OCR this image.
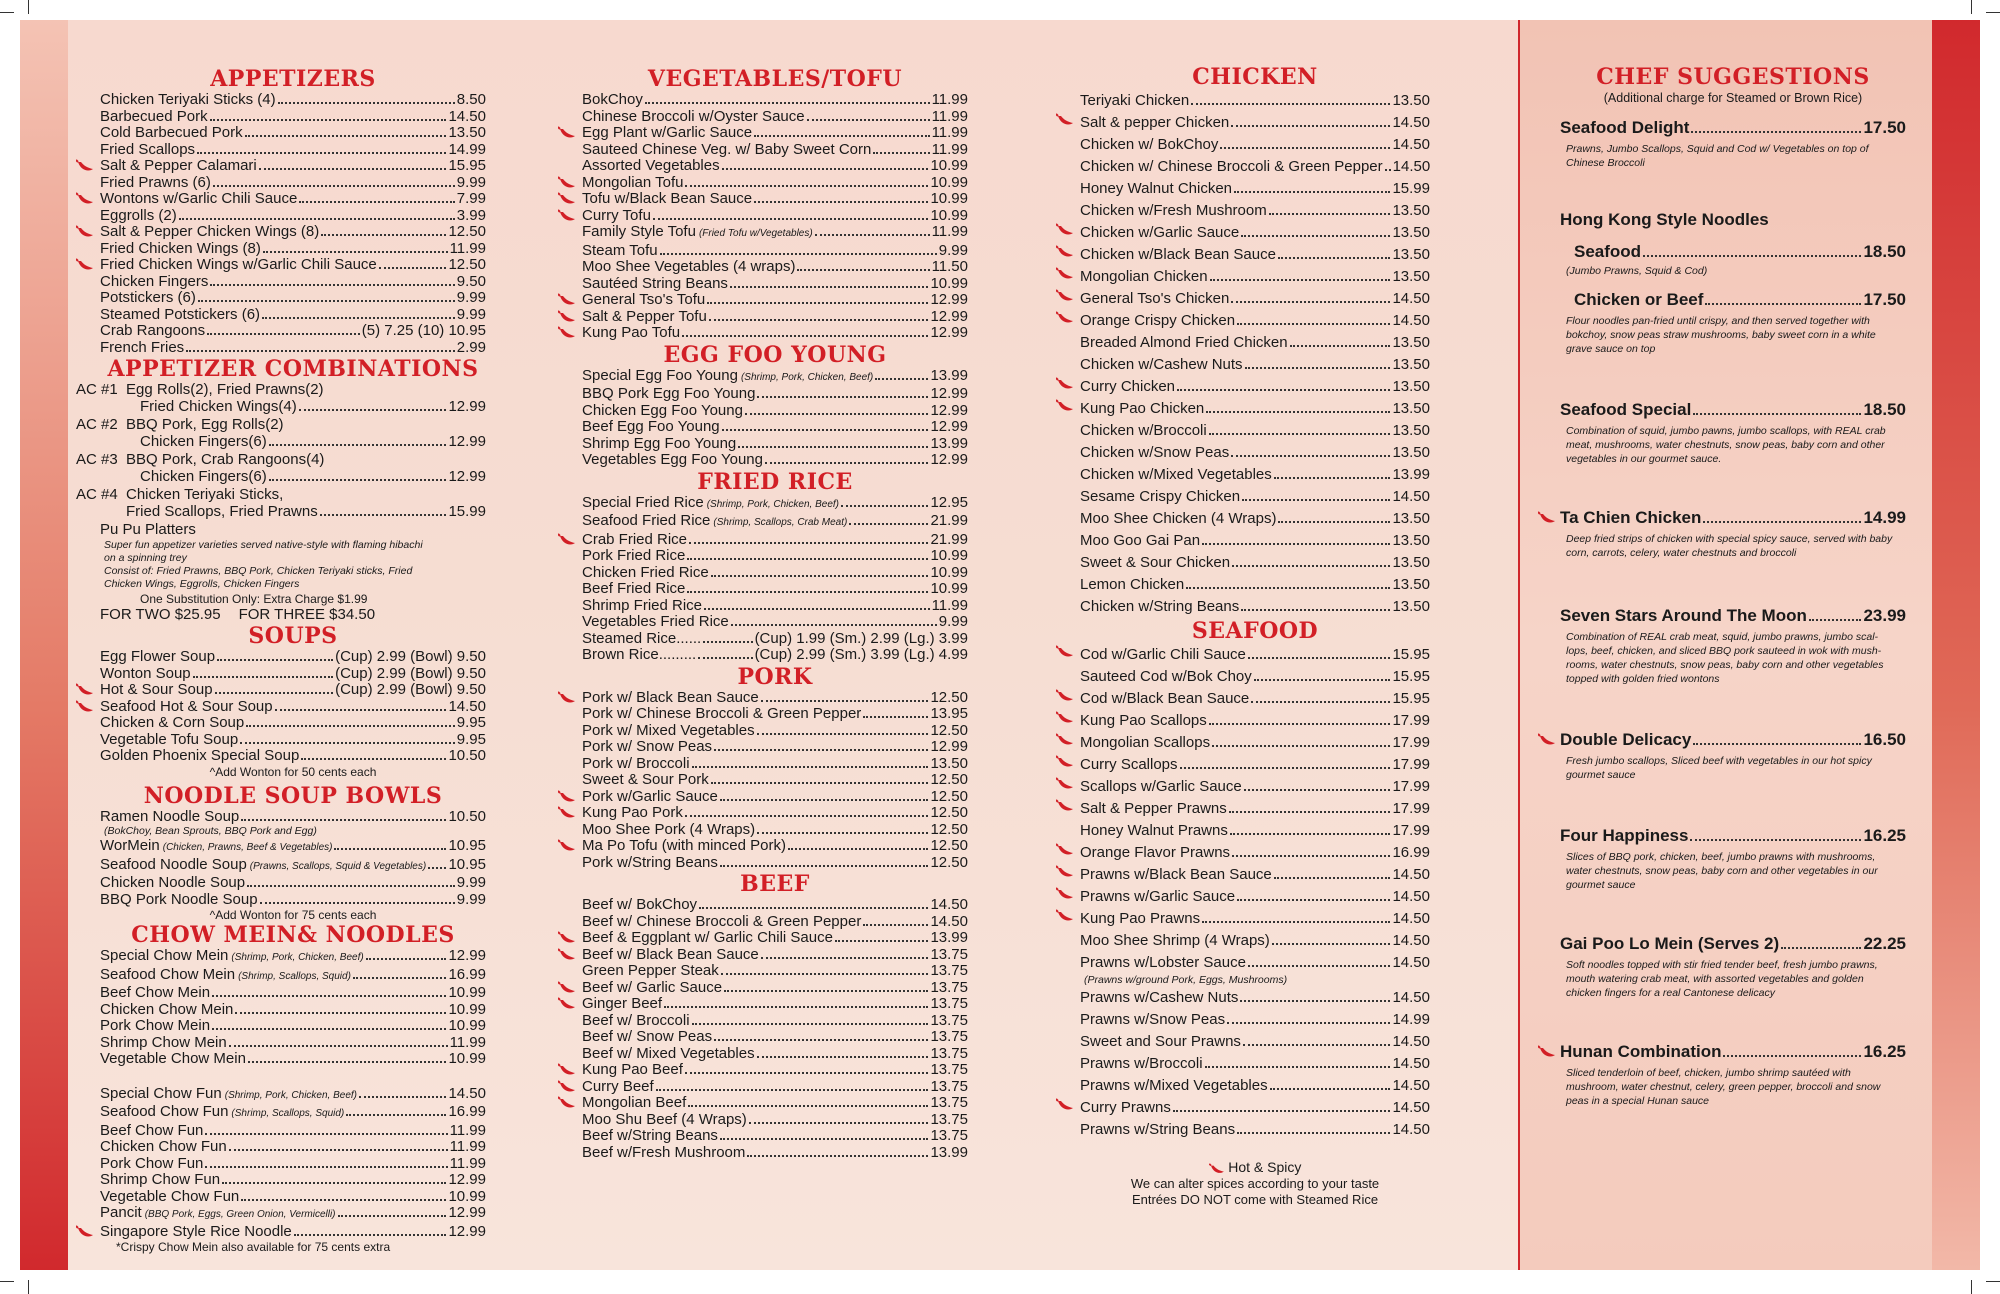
APPETIZERS
Chicken Teriyaki Sticks (4)	8.50
Barbecued Pork	14.50
Cold Barbecued Pork	13.50
Fried Scallops	14.99
Salt & Pepper Calamari	15.95
Fried Prawns (6)	9.99
Wontons w/Garlic Chili Sauce	7.99
Eggrolls (2)	3.99
Salt & Pepper Chicken Wings (8)	12.50
Fried Chicken Wings (8)	11.99
Fried Chicken Wings w/Garlic Chili Sauce	12.50
Chicken Fingers	9.50
Potstickers (6)	9.99
Steamed Potstickers (6)	9.99
Crab Rangoons	(5) 7.25 (10) 10.95
French Fries	2.99
APPETIZER COMBINATIONS
AC #1 Egg Rolls(2), Fried Prawns(2)
Fried Chicken Wings(4)	12.99
AC #2 BBQ Pork, Egg Rolls(2)
Chicken Fingers(6)	12.99
AC #3 BBQ Pork, Crab Rangoons(4)
Chicken Fingers(6)	12.99
AC #4 Chicken Teriyaki Sticks,
Fried Scallops, Fried Prawns	15.99
Pu Pu Platters
Super fun appetizer varieties served native-style with flaming hibachi
on a spinning trey
Consist of: Fried Prawns, BBQ Pork, Chicken Teriyaki sticks, Fried
Chicken Wings, Eggrolls, Chicken Fingers
One Substitution Only: Extra Charge $1.99
FOR TWO $25.95 FOR THREE $34.50
SOUPS
Egg Flower Soup	(Cup) 2.99 (Bowl) 9.50
Wonton Soup	(Cup) 2.99 (Bowl) 9.50
Hot & Sour Soup	(Cup) 2.99 (Bowl) 9.50
Seafood Hot & Sour Soup	14.50
Chicken & Corn Soup	9.95
Vegetable Tofu Soup	9.95
Golden Phoenix Special Soup	10.50
^Add Wonton for 50 cents each
NOODLE SOUP BOWLS
Ramen Noodle Soup	10.50
(BokChoy, Bean Sprouts, BBQ Pork and Egg)
WorMein (Chicken, Prawns, Beef & Vegetables)	10.95
Seafood Noodle Soup (Prawns, Scallops, Squid & Vegetables) 10.95
Chicken Noodle Soup	9.99
BBQ Pork Noodle Soup	9.99
^Add Wonton for 75 cents each
CHOW MEIN& NOODLES
Special Chow Mein (Shrimp, Pork, Chicken, Beef)	12.99
Seafood Chow Mein (Shrimp, Scallops, Squid)	16.99
Beef Chow Mein	10.99
Chicken Chow Mein	10.99
Pork Chow Mein	10.99
Shrimp Chow Mein	11.99
Vegetable Chow Mein	10.99
Special Chow Fun (Shrimp, Pork, Chicken, Beef)	14.50
Seafood Chow Fun (Shrimp, Scallops, Squid)	16.99
Beef Chow Fun	11.99
Chicken Chow Fun	11.99
Pork Chow Fun	11.99
Shrimp Chow Fun	12.99
Vegetable Chow Fun	10.99
Pancit (BBQ Pork, Eggs, Green Onion, Vermicelli)	12.99
Singapore Style Rice Noodle	12.99
*Crispy Chow Mein also available for 75 cents extra
VEGETABLES/TOFU
BokChoy	11.99
Chinese Broccoli w/Oyster Sauce	11.99
Egg Plant w/Garlic Sauce	11.99
Sauteed Chinese Veg. w/ Baby Sweet Corn	11.99
Assorted Vegetables	10.99
Mongolian Tofu	10.99
Tofu w/Black Bean Sauce	10.99
Curry Tofu	10.99
Family Style Tofu (Fried Tofu w/Vegetables)	11.99
Steam Tofu	9.99
Moo Shee Vegetables (4 wraps)	11.50
Sautéed String Beans	10.99
General Tso's Tofu	12.99
Salt & Pepper Tofu	12.99
Kung Pao Tofu	12.99
EGG FOO YOUNG
Special Egg Foo Young (Shrimp, Pork, Chicken, Beef)	13.99
BBQ Pork Egg Foo Young	12.99
Chicken Egg Foo Young	12.99
Beef Egg Foo Young	12.99
Shrimp Egg Foo Young	13.99
Vegetables Egg Foo Young	12.99
FRIED RICE
Special Fried Rice (Shrimp, Pork, Chicken, Beef)	12.95
Seafood Fried Rice (Shrimp, Scallops, Crab Meat)	21.99
Crab Fried Rice	21.99
Pork Fried Rice	10.99
Chicken Fried Rice	10.99
Beef Fried Rice	10.99
Shrimp Fried Rice	11.99
Vegetables Fried Rice	9.99
Steamed Rice......	(Cup) 1.99 (Sm.) 2.99 (Lg.) 3.99
Brown Rice.........	(Cup) 2.99 (Sm.) 3.99 (Lg.) 4.99
PORK
Pork w/ Black Bean Sauce	12.50
Pork w/ Chinese Broccoli & Green Pepper	13.95
Pork w/ Mixed Vegetables	12.50
Pork w/ Snow Peas	12.99
Pork w/ Broccoli	13.50
Sweet & Sour Pork	12.50
Pork w/Garlic Sauce	12.50
Kung Pao Pork	12.50
Moo Shee Pork (4 Wraps)	12.50
Ma Po Tofu (with minced Pork)	12.50
Pork w/String Beans	12.50
BEEF
Beef w/ BokChoy	14.50
Beef w/ Chinese Broccoli & Green Pepper	14.50
Beef & Eggplant w/ Garlic Chili Sauce	13.99
Beef w/ Black Bean Sauce	13.75
Green Pepper Steak	13.75
Beef w/ Garlic Sauce	13.75
Ginger Beef	13.75
Beef w/ Broccoli	13.75
Beef w/ Snow Peas	13.75
Beef w/ Mixed Vegetables	13.75
Kung Pao Beef	13.75
Curry Beef	13.75
Mongolian Beef	13.75
Moo Shu Beef (4 Wraps)	13.75
Beef w/String Beans	13.75
Beef w/Fresh Mushroom	13.99
CHICKEN
Teriyaki Chicken	13.50
Salt & pepper Chicken	14.50
Chicken w/ BokChoy	14.50
Chicken w/ Chinese Broccoli & Green Pepper 14.50
Honey Walnut Chicken	15.99
Chicken w/Fresh Mushroom	13.50
Chicken w/Garlic Sauce	13.50
Chicken w/Black Bean Sauce	13.50
Mongolian Chicken	13.50
General Tso's Chicken	14.50
Orange Crispy Chicken	14.50
Breaded Almond Fried Chicken	13.50
Chicken w/Cashew Nuts	13.50
Curry Chicken	13.50
Kung Pao Chicken	13.50
Chicken w/Broccoli	13.50
Chicken w/Snow Peas	13.50
Chicken w/Mixed Vegetables	13.99
Sesame Crispy Chicken	14.50
Moo Shee Chicken (4 Wraps)	13.50
Moo Goo Gai Pan	13.50
Sweet & Sour Chicken	13.50
Lemon Chicken	13.50
Chicken w/String Beans	13.50
SEAFOOD
Cod w/Garlic Chili Sauce	15.95
Sauteed Cod w/Bok Choy	15.95
Cod w/Black Bean Sauce	15.95
Kung Pao Scallops	17.99
Mongolian Scallops	17.99
Curry Scallops	17.99
Scallops w/Garlic Sauce	17.99
Salt & Pepper Prawns	17.99
Honey Walnut Prawns	17.99
Orange Flavor Prawns	16.99
Prawns w/Black Bean Sauce	14.50
Prawns w/Garlic Sauce	14.50
Kung Pao Prawns	14.50
Moo Shee Shrimp (4 Wraps)	14.50
Prawns w/Lobster Sauce	14.50
(Prawns w/ground Pork, Eggs, Mushrooms)
Prawns w/Cashew Nuts	14.50
Prawns w/Snow Peas	14.99
Sweet and Sour Prawns	14.50
Prawns w/Broccoli	14.50
Prawns w/Mixed Vegetables	14.50
Curry Prawns	14.50
Prawns w/String Beans	14.50
Hot & Spicy
We can alter spices according to your taste
Entrées DO NOT come with Steamed Rice
CHEF SUGGESTIONS
(Additional charge for Steamed or Brown Rice)
Seafood Delight	17.50
Prawns, Jumbo Scallops, Squid and Cod w/ Vegetables on top of
Chinese Broccoli
Hong Kong Style Noodles
Seafood	18.50
(Jumbo Prawns, Squid & Cod)
Chicken or Beef	17.50
Flour noodles pan-fried until crispy, and then served together with
bokchoy, snow peas straw mushrooms, baby sweet corn in a white
grave sauce on top
Seafood Special	18.50
Combination of squid, jumbo pawns, jumbo scallops, with REAL crab
meat, mushrooms, water chestnuts, snow peas, baby corn and other
vegetables in our gourmet sauce.
Ta Chien Chicken	14.99
Deep fried strips of chicken with special spicy sauce, served with baby
corn, carrots, celery, water chestnuts and broccoli
Seven Stars Around The Moon	23.99
Combination of REAL crab meat, squid, jumbo prawns, jumbo scal-
lops, beef, chicken, and sliced BBQ pork sauteed in wok with mush-
rooms, water chestnuts, snow peas, baby corn and other vegetables
topped with golden fried wontons
Double Delicacy	16.50
Fresh jumbo scallops, Sliced beef with vegetables in our hot spicy
gourmet sauce
Four Happiness	16.25
Slices of BBQ pork, chicken, beef, jumbo prawns with mushrooms,
water chestnuts, snow peas, baby corn and other vegetables in our
gourmet sauce
Gai Poo Lo Mein (Serves 2)	22.25
Soft noodles topped with stir fried tender beef, fresh jumbo prawns,
mouth watering crab meat, with assorted vegetables and golden
chicken fingers for a real Cantonese delicacy
Hunan Combination	16.25
Sliced tenderloin of beef, chicken, jumbo shrimp sautéed with
mushroom, water chestnut, celery, green pepper, broccoli and snow
peas in a special Hunan sauce
